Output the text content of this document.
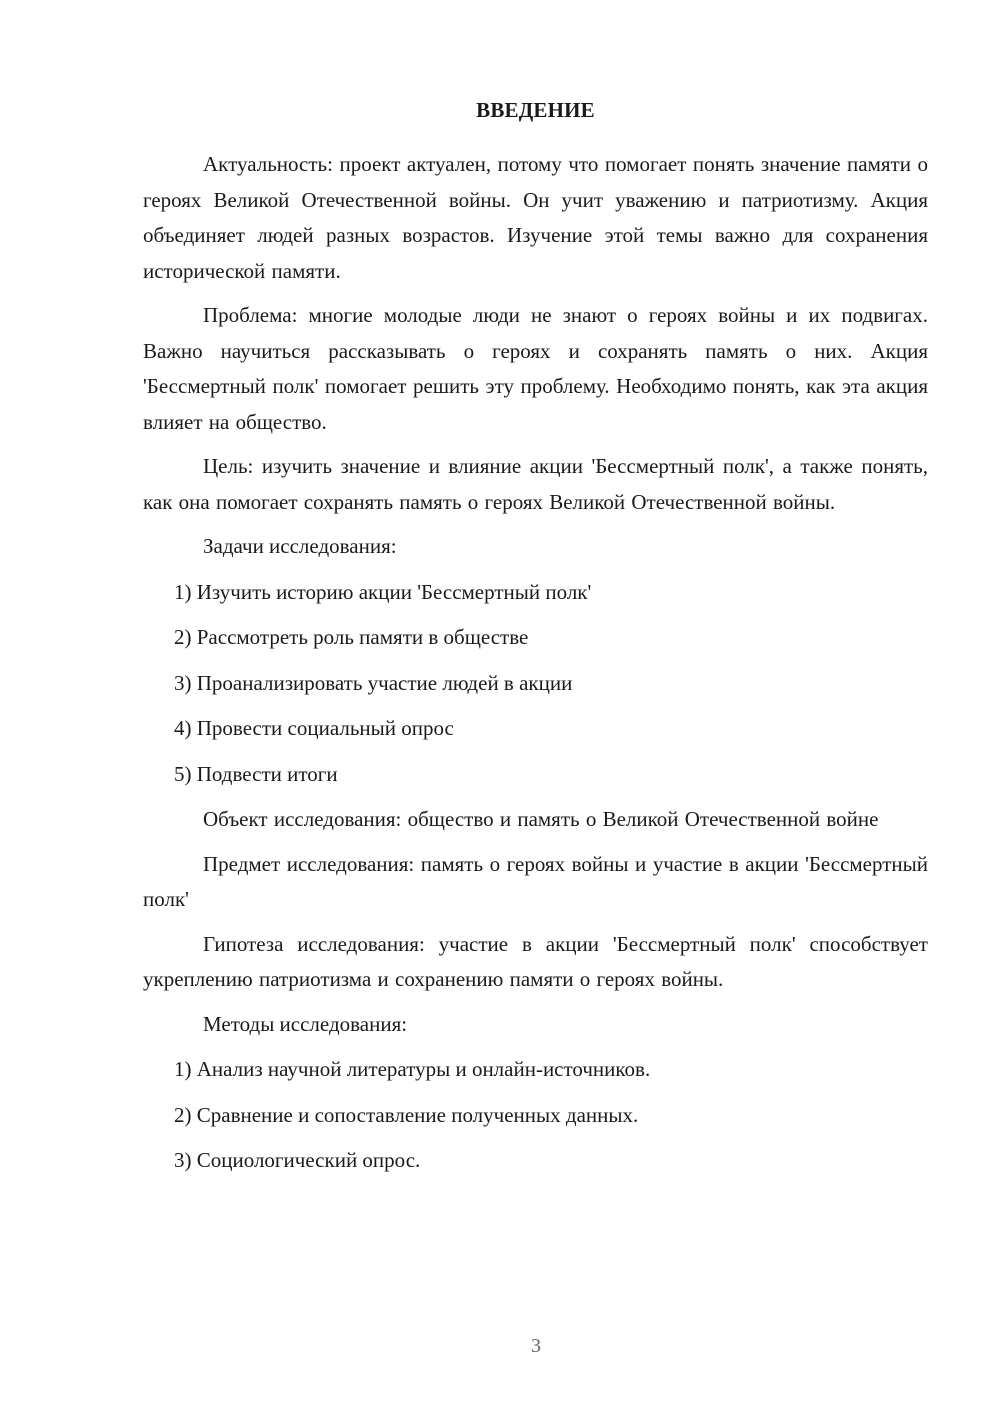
ВВЕДЕНИЕ

Актуальность: проект актуален, потому что помогает понять значение памяти о героях Великой Отечественной войны. Он учит уважению и патриотизму. Акция объединяет людей разных возрастов. Изучение этой темы важно для сохранения исторической памяти.

Проблема: многие молодые люди не знают о героях войны и их подвигах. Важно научиться рассказывать о героях и сохранять память о них. Акция 'Бессмертный полк' помогает решить эту проблему. Необходимо понять, как эта акция влияет на общество.

Цель: изучить значение и влияние акции 'Бессмертный полк', а также понять, как она помогает сохранять память о героях Великой Отечественной войны.

Задачи исследования:

1) Изучить историю акции 'Бессмертный полк'

2) Рассмотреть роль памяти в обществе

3) Проанализировать участие людей в акции

4) Провести социальный опрос

5) Подвести итоги

Объект исследования: общество и память о Великой Отечественной войне

Предмет исследования: память о героях войны и участие в акции 'Бессмертный полк'

Гипотеза исследования: участие в акции 'Бессмертный полк' способствует укреплению патриотизма и сохранению памяти о героях войны.

Методы исследования:

1) Анализ научной литературы и онлайн-источников.

2) Сравнение и сопоставление полученных данных.

3) Социологический опрос.

3
